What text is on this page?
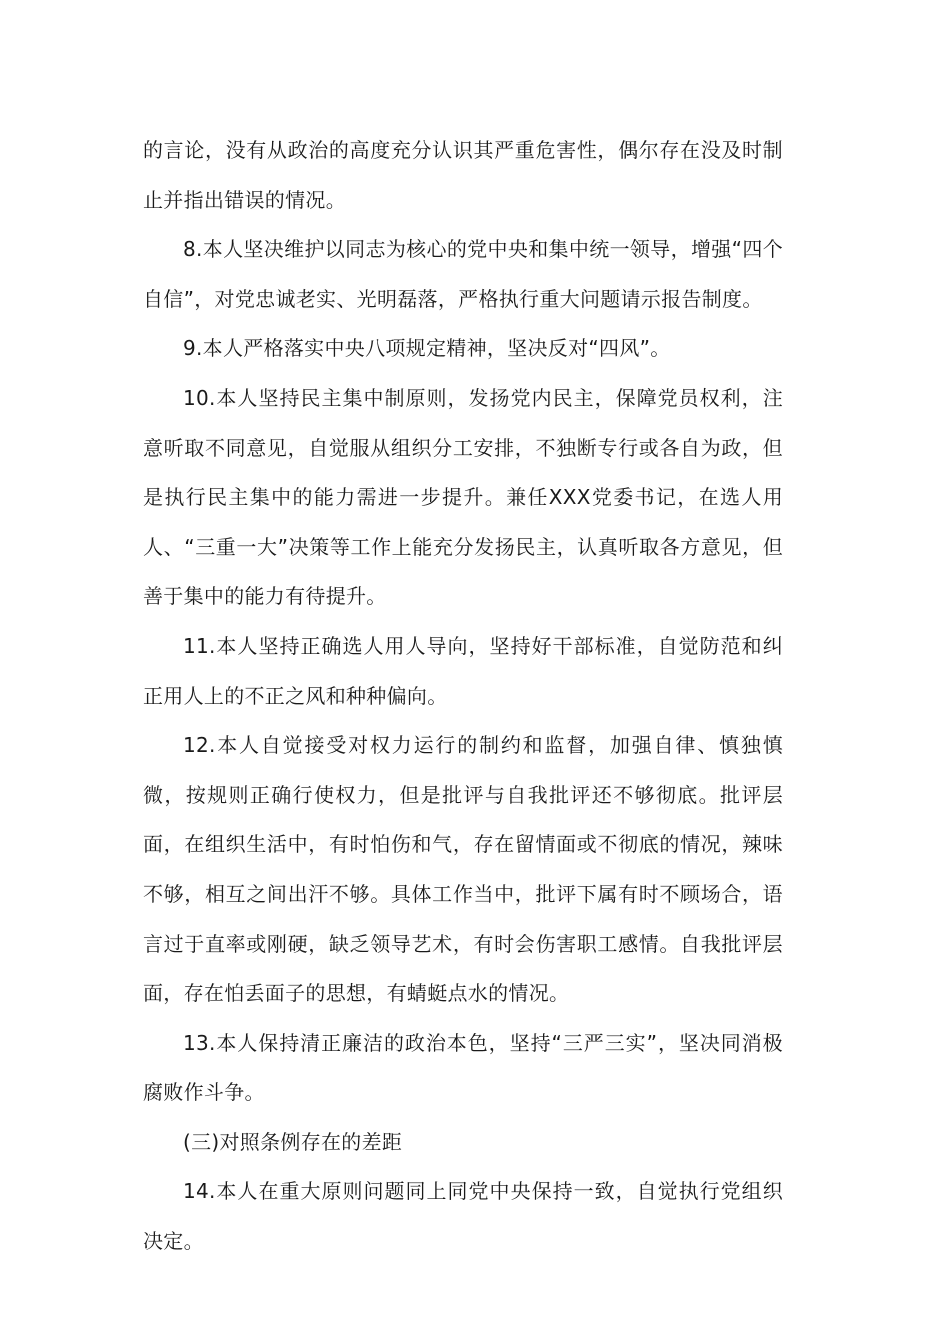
的言论，没有从政治的高度充分认识其严重危害性，偶尔存在没及时制止并指出错误的情况。

8.本人坚决维护以同志为核心的党中央和集中统一领导，增强“四个自信”，对党忠诚老实、光明磊落，严格执行重大问题请示报告制度。

9.本人严格落实中央八项规定精神，坚决反对“四风”。

10.本人坚持民主集中制原则，发扬党内民主，保障党员权利，注意听取不同意见，自觉服从组织分工安排，不独断专行或各自为政，但是执行民主集中的能力需进一步提升。兼任XXX党委书记，在选人用人、“三重一大”决策等工作上能充分发扬民主，认真听取各方意见，但善于集中的能力有待提升。

11.本人坚持正确选人用人导向，坚持好干部标准，自觉防范和纠正用人上的不正之风和种种偏向。

12.本人自觉接受对权力运行的制约和监督，加强自律、慎独慎微，按规则正确行使权力，但是批评与自我批评还不够彻底。批评层面，在组织生活中，有时怕伤和气，存在留情面或不彻底的情况，辣味不够，相互之间出汗不够。具体工作当中，批评下属有时不顾场合，语言过于直率或刚硬，缺乏领导艺术，有时会伤害职工感情。自我批评层面，存在怕丢面子的思想，有蜻蜓点水的情况。

13.本人保持清正廉洁的政治本色，坚持“三严三实”，坚决同消极腐败作斗争。

(三)对照条例存在的差距

14.本人在重大原则问题同上同党中央保持一致，自觉执行党组织决定。
